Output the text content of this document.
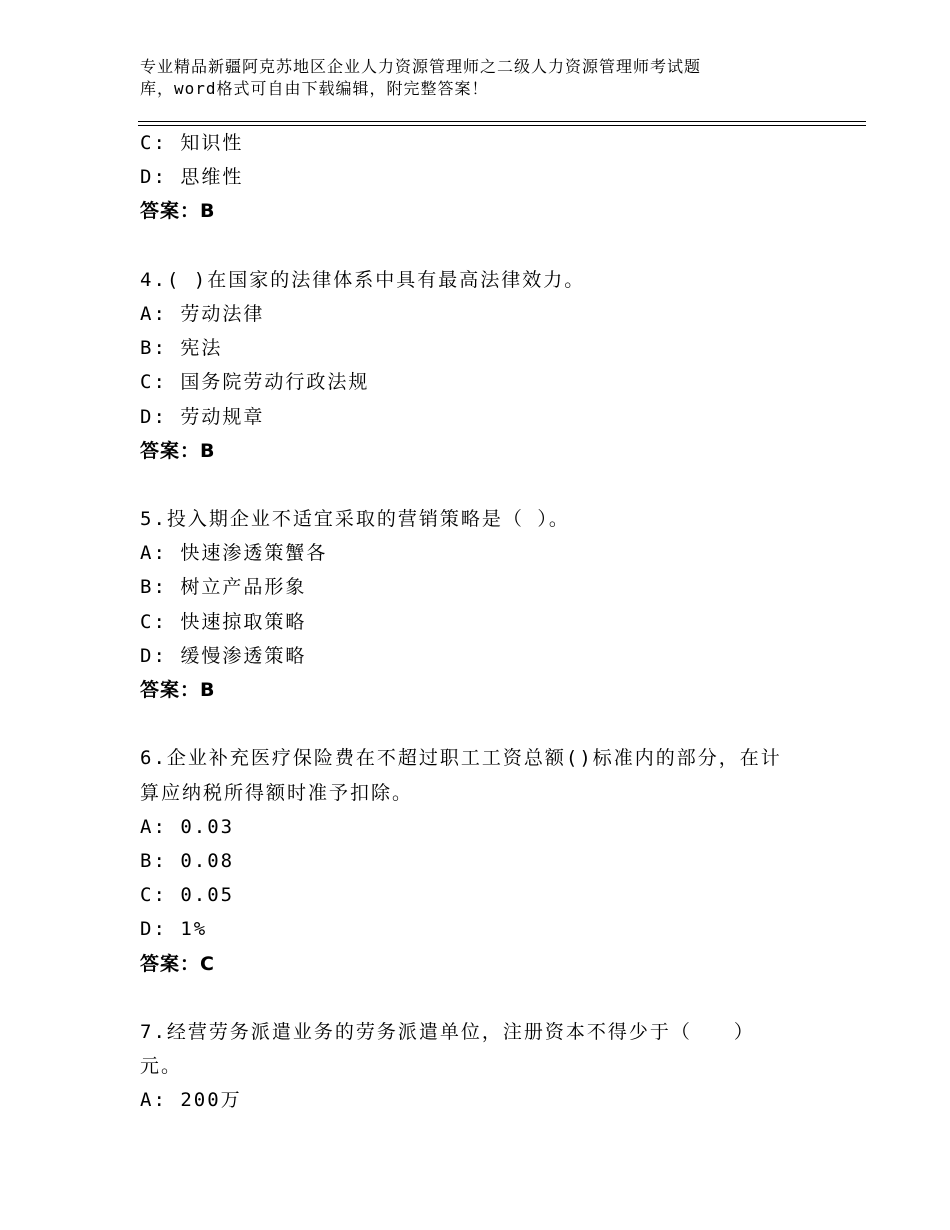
专业精品新疆阿克苏地区企业人力资源管理师之二级人力资源管理师考试题
库，word格式可自由下载编辑，附完整答案！
C: 知识性
D: 思维性
答案：B
4.( )在国家的法律体系中具有最高法律效力。
A: 劳动法律
B: 宪法
C: 国务院劳动行政法规
D: 劳动规章
答案：B
5.投入期企业不适宜采取的营销策略是（ ）。
A: 快速渗透策蟹各
B: 树立产品形象
C: 快速掠取策略
D: 缓慢渗透策略
答案：B
6.企业补充医疗保险费在不超过职工工资总额()标准内的部分，在计
算应纳税所得额时准予扣除。
A: 0.03
B: 0.08
C: 0.05
D: 1%
答案：C
7.经营劳务派遣业务的劳务派遣单位，注册资本不得少于（　　）
元。
A: 200万
